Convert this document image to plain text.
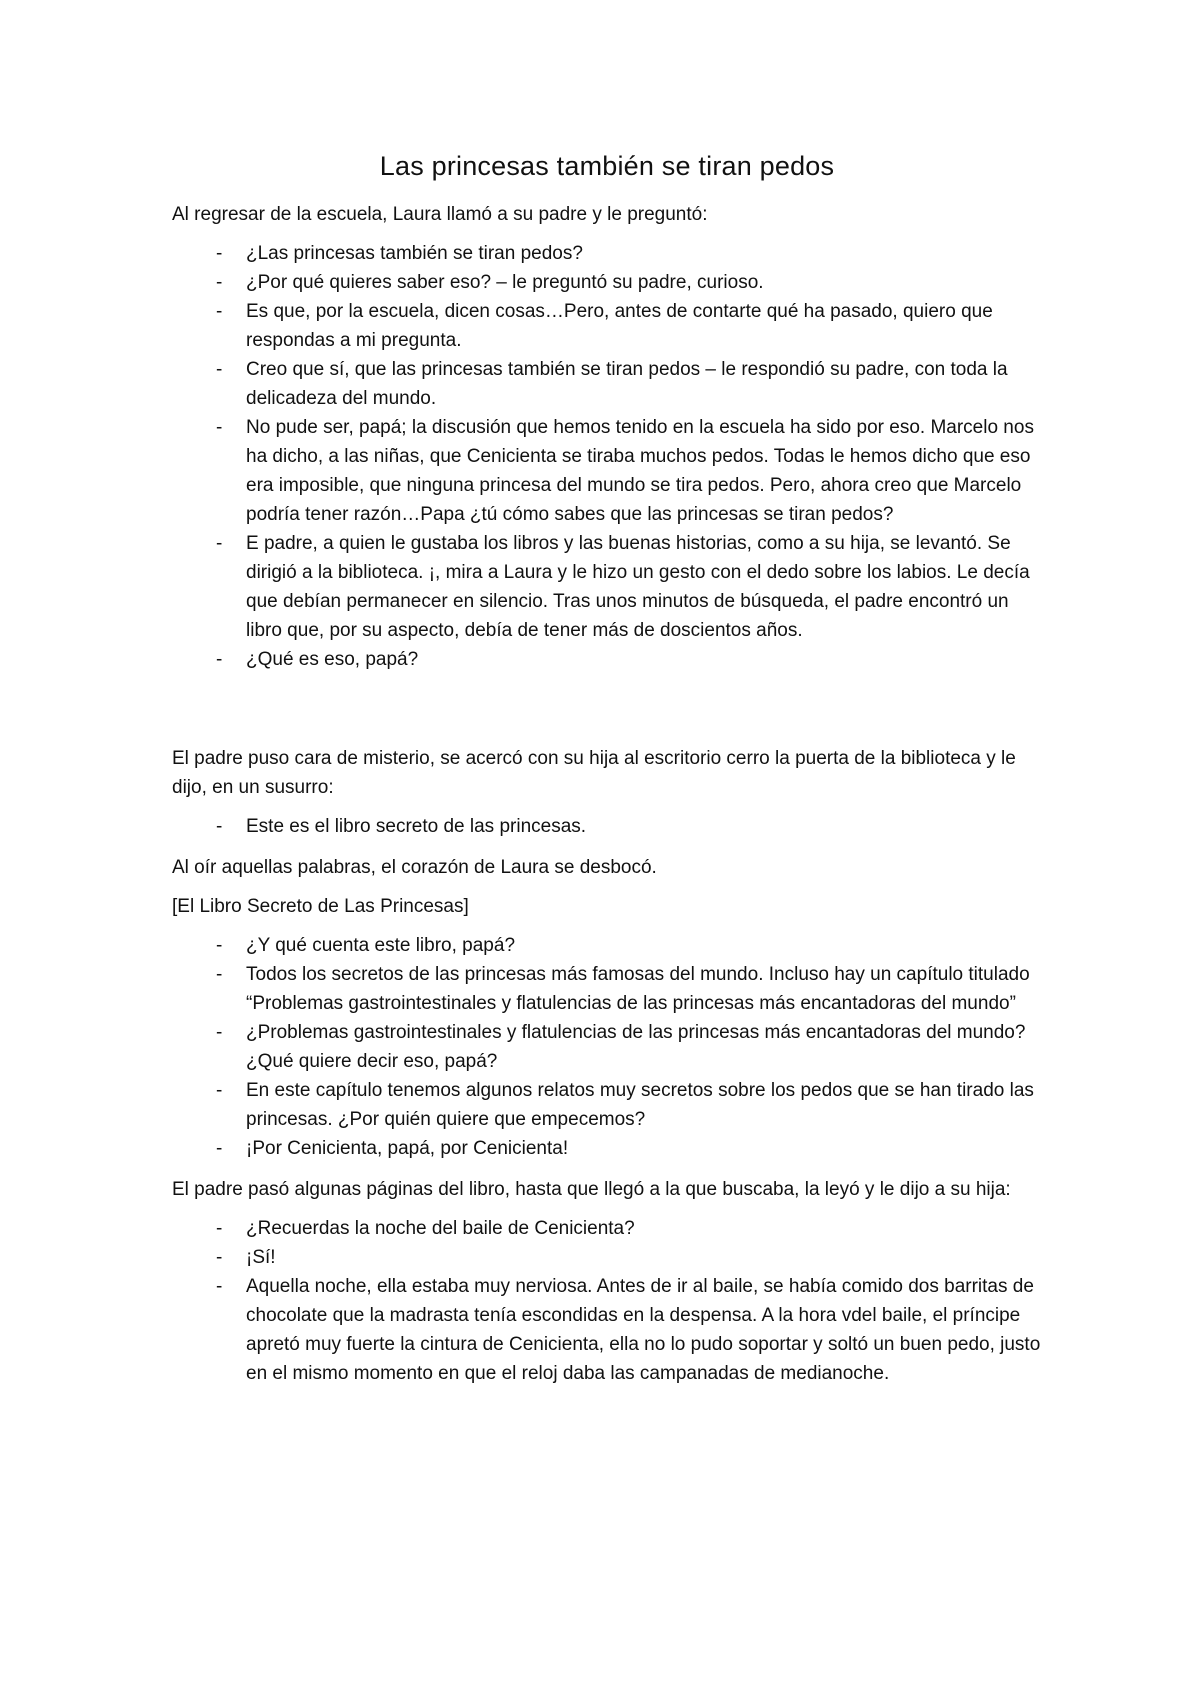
Las princesas también se tiran pedos

Al regresar de la escuela, Laura llamó a su padre y le preguntó:

- ¿Las princesas también se tiran pedos?
- ¿Por qué quieres saber eso? – le preguntó su padre, curioso.
- Es que, por la escuela, dicen cosas…Pero, antes de contarte qué ha pasado, quiero que respondas a mi pregunta.
- Creo que sí, que las princesas también se tiran pedos – le respondió su padre, con toda la delicadeza del mundo.
- No pude ser, papá; la discusión que hemos tenido en la escuela ha sido por eso. Marcelo nos ha dicho, a las niñas, que Cenicienta se tiraba muchos pedos. Todas le hemos dicho que eso era imposible, que ninguna princesa del mundo se tira pedos. Pero, ahora creo que Marcelo podría tener razón…Papa ¿tú cómo sabes que las princesas se tiran pedos?
- E padre, a quien le gustaba los libros y las buenas historias, como a su hija, se levantó. Se dirigió a la biblioteca. ¡, mira a Laura y le hizo un gesto con el dedo sobre los labios. Le decía que debían permanecer en silencio. Tras unos minutos de búsqueda, el padre encontró un libro que, por su aspecto, debía de tener más de doscientos años.
- ¿Qué es eso, papá?

El padre puso cara de misterio, se acercó con su hija al escritorio cerro la puerta de la biblioteca y le dijo, en un susurro:

- Este es el libro secreto de las princesas.

Al oír aquellas palabras, el corazón de Laura se desbocó.

[El Libro Secreto de Las Princesas]

- ¿Y qué cuenta este libro, papá?
- Todos los secretos de las princesas más famosas del mundo. Incluso hay un capítulo titulado “Problemas gastrointestinales y flatulencias de las princesas más encantadoras del mundo”
- ¿Problemas gastrointestinales y flatulencias de las princesas más encantadoras del mundo? ¿Qué quiere decir eso, papá?
- En este capítulo tenemos algunos relatos muy secretos sobre los pedos que se han tirado las princesas. ¿Por quién quiere que empecemos?
- ¡Por Cenicienta, papá, por Cenicienta!

El padre pasó algunas páginas del libro, hasta que llegó a la que buscaba, la leyó y le dijo a su hija:

- ¿Recuerdas la noche del baile de Cenicienta?
- ¡Sí!
- Aquella noche, ella estaba muy nerviosa. Antes de ir al baile, se había comido dos barritas de chocolate que la madrasta tenía escondidas en la despensa. A la hora vdel baile, el príncipe apretó muy fuerte la cintura de Cenicienta, ella no lo pudo soportar y soltó un buen pedo, justo en el mismo momento en que el reloj daba las campanadas de medianoche.
